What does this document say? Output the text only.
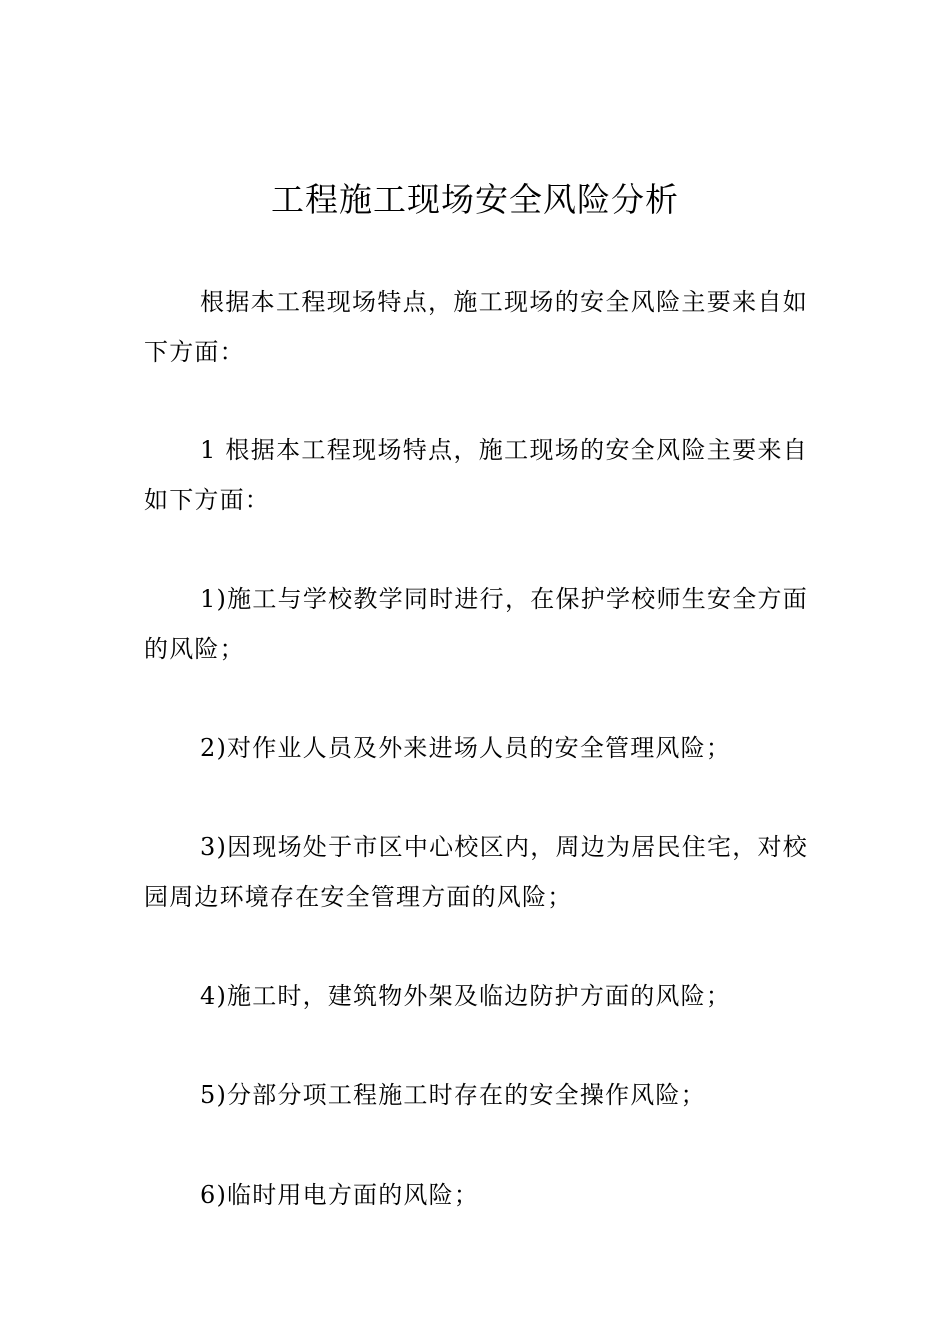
工程施工现场安全风险分析

根据本工程现场特点，施工现场的安全风险主要来自如下方面：

1 根据本工程现场特点，施工现场的安全风险主要来自如下方面：

1)施工与学校教学同时进行，在保护学校师生安全方面的风险；

2)对作业人员及外来进场人员的安全管理风险；

3)因现场处于市区中心校区内，周边为居民住宅，对校园周边环境存在安全管理方面的风险；

4)施工时，建筑物外架及临边防护方面的风险；

5)分部分项工程施工时存在的安全操作风险；

6)临时用电方面的风险；
